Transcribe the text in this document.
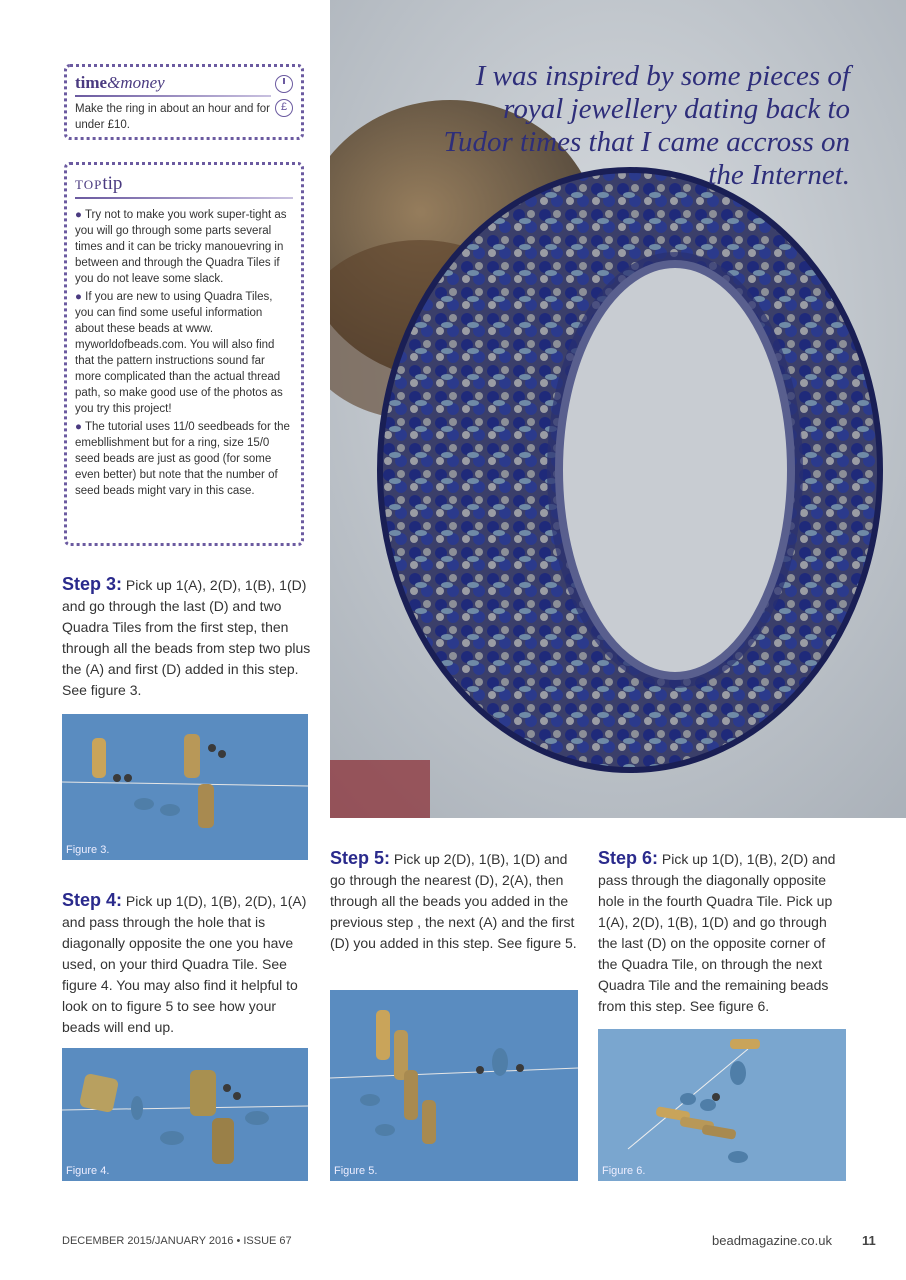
I was inspired by some pieces of royal jewellery dating back to Tudor times that I came accross on the Internet.
time&money

Make the ring in about an hour and for under £10.

£
TOPtip

● Try not to make you work super-tight as you will go through some parts several times and it can be tricky manouevring in between and through the Quadra Tiles if you do not leave some slack.

● If you are new to using Quadra Tiles, you can find some useful information about these beads at www. myworldofbeads.com. You will also find that the pattern instructions sound far more complicated than the actual thread path, so make good use of the photos as you try this project!

● The tutorial uses 11/0 seedbeads for the emebllishment but for a ring, size 15/0 seed beads are just as good (for some even better) but note that the number of seed beads might vary in this case.

Step 3: Pick up 1(A), 2(D), 1(B), 1(D) and go through the last (D) and two Quadra Tiles from the first step, then through all the beads from step two plus the (A) and first (D) added in this step. See figure 3.
Figure 3.
Step 4: Pick up 1(D), 1(B), 2(D), 1(A) and pass through the hole that is diagonally opposite the one you have used, on your third Quadra Tile. See figure 4. You may also find it helpful to look on to figure 5 to see how your beads will end up.
Figure 4.
Step 5: Pick up 2(D), 1(B), 1(D) and go through the nearest (D), 2(A), then through all the beads you added in the previous step , the next (A) and the first (D) you added in this step. See figure 5.
Figure 5.
Step 6: Pick up 1(D), 1(B), 2(D) and pass through the diagonally opposite hole in the fourth Quadra Tile. Pick up 1(A), 2(D), 1(B), 1(D) and go through the last (D) on the opposite corner of the Quadra Tile, on through the next Quadra Tile and the remaining beads from this step. See figure 6.
Figure 6.
DECEMBER 2015/JANUARY 2016 • ISSUE 67	beadmagazine.co.uk 11
